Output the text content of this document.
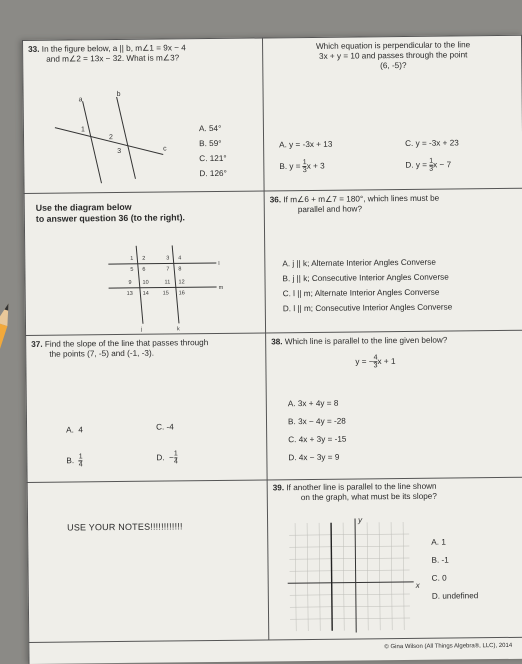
33. In the figure below, a || b, m∠1 = 9x − 4
and m∠2 = 13x − 32. What is m∠3?
a
b
1
2
3	c
A. 54°
B. 59°
C. 121°
D. 126°
Which equation is perpendicular to the line
3x + y = 10 and passes through the point
(6, -5)?
A. y = -3x + 13	C. y = -3x + 23
B. $y = \frac{1}{3}$ x + 3	D. $y = \frac{1}{3}$ x − 7
Use the diagram below
to answer question 36 (to the right).
1 2	3 4
5 6	7 8
9 10	11 12
13 14	15 16
l
m
j	k
36. If m∠6 + m∠7 = 180°, which lines must be
parallel and how?
A. j || k; Alternate Interior Angles Converse
B. j || k; Consecutive Interior Angles Converse
C. l || m; Alternate Interior Angles Converse
D. l || m; Consecutive Interior Angles Converse
37. Find the slope of the line that passes through
the points (7, -5) and (-1, -3).
A. 4	C. -4
B. $\frac{1}{4}$	D. − $\frac{1}{4}$
38. Which line is parallel to the line given below?
y = − $\frac{4}{3}$ x + 1
A. 3x + 4y = 8
B. 3x − 4y = -28
C. 4x + 3y = -15
D. 4x − 3y = 9
USE YOUR NOTES!!!!!!!!!!!!
39. If another line is parallel to the line shown
on the graph, what must be its slope?
y
x
A. 1
B. -1
C. 0
D. undefined
© Gina Wilson (All Things Algebra®, LLC), 2014
